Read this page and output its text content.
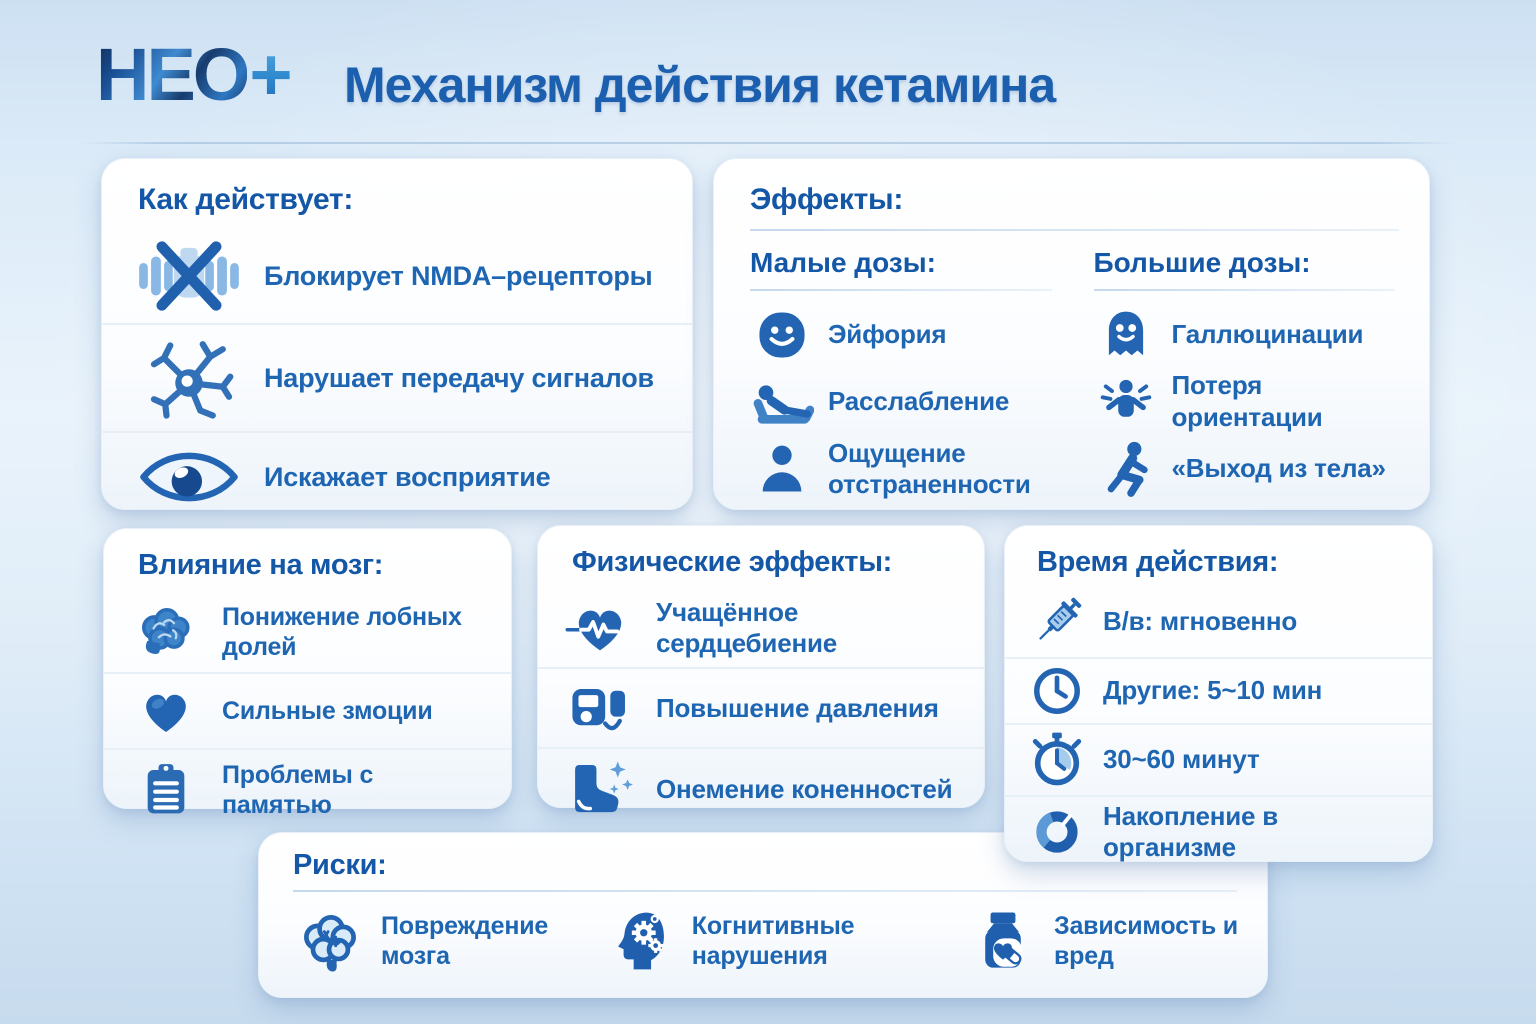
НЕО+ Механизм действия кетамина
Как действует:
Блокирует NMDA–рецепторы
Нарушает передачу сигналов
Искажает восприятие
Эффекты:
Малые дозы:
Эйфория
Расслабление
Ощущение отстраненности
Большие дозы:
Галлюцинации
Потеря ориентации
«Выход из тела»
Влияние на мозг:
Понижение лобных долей
Сильные змоции
Проблемы с памятью
Физические эффекты:
Учащённое сердцебиение
Повышение давления
Онемение коненностей
Время действия:
В/в: мгновенно
Другие: 5~10 мин
30~60 минут
Накопление в организме
Риски:
Повреждение мозга
Когнитивные нарушения
Зависимость и вред
